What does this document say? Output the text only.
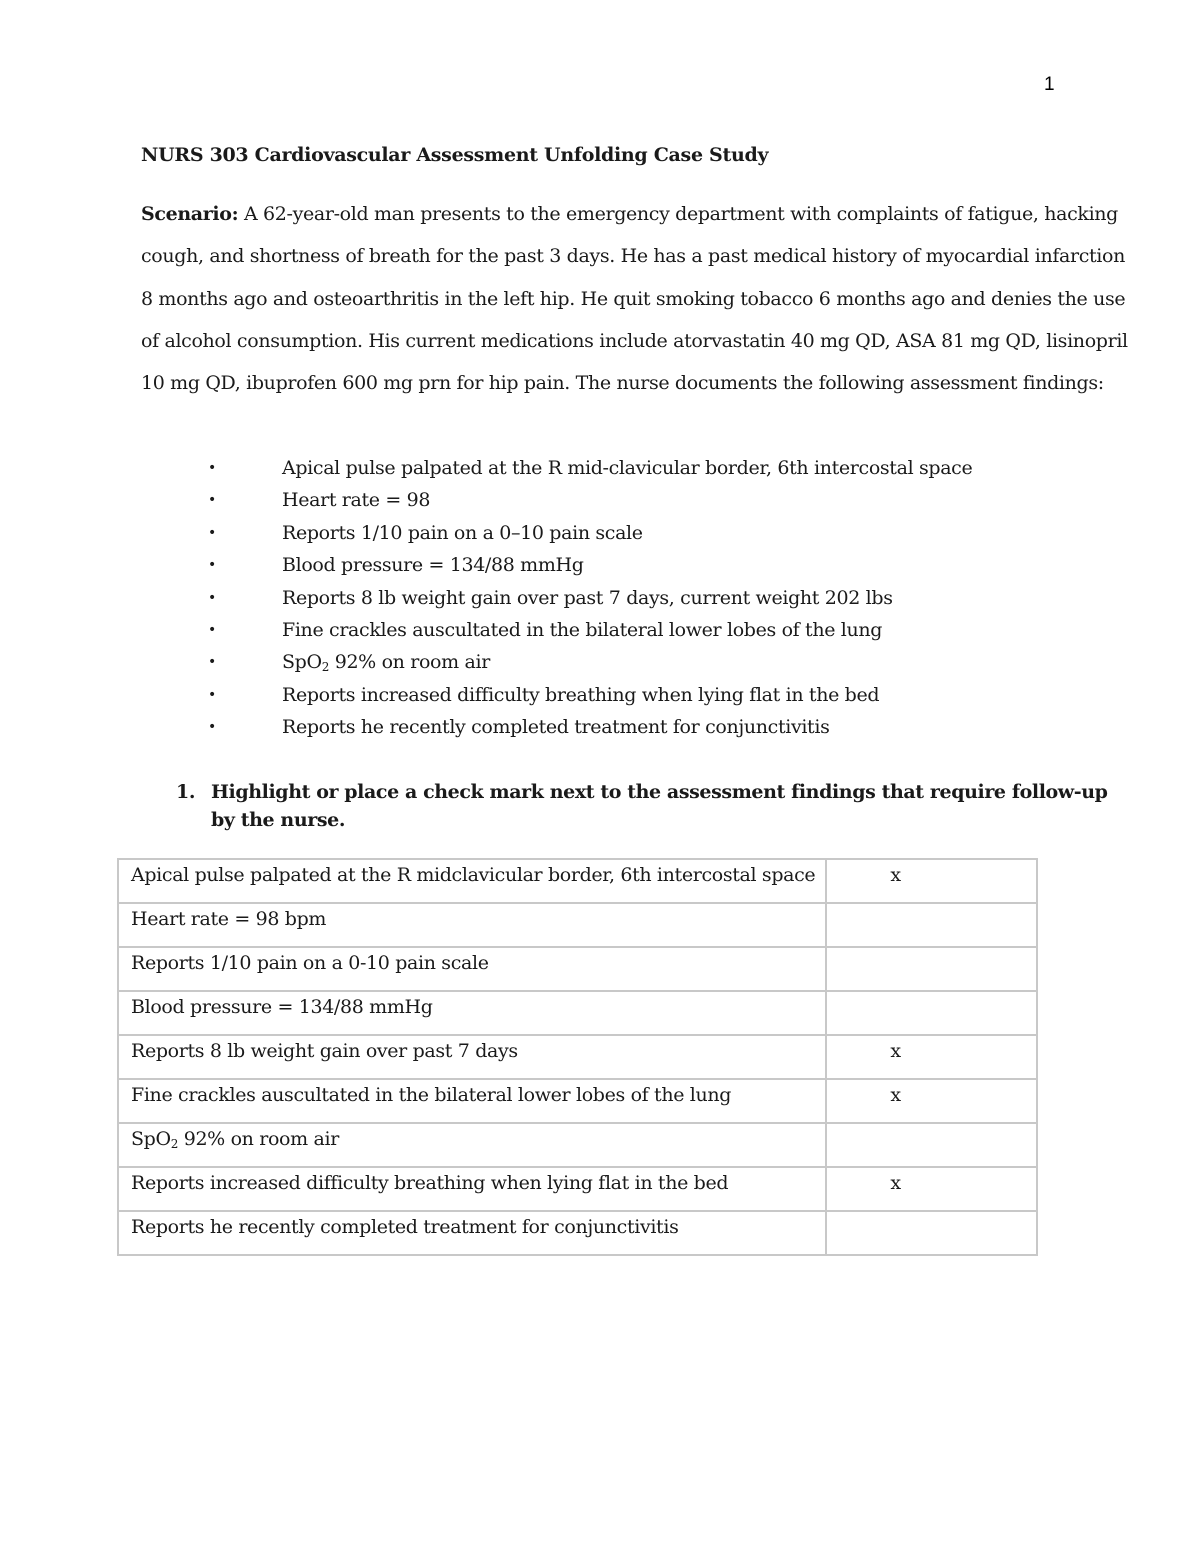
1
NURS 303 Cardiovascular Assessment Unfolding Case Study

Scenario: A 62-year-old man presents to the emergency department with complaints of fatigue, hacking cough, and shortness of breath for the past 3 days. He has a past medical history of myocardial infarction 8 months ago and osteoarthritis in the left hip. He quit smoking tobacco 6 months ago and denies the use of alcohol consumption. His current medications include atorvastatin 40 mg QD, ASA 81 mg QD, lisinopril 10 mg QD, ibuprofen 600 mg prn for hip pain. The nurse documents the following assessment findings:

•	Apical pulse palpated at the R mid-clavicular border, 6th intercostal space
•	Heart rate = 98
•	Reports 1/10 pain on a 0–10 pain scale
•	Blood pressure = 134/88 mmHg
•	Reports 8 lb weight gain over past 7 days, current weight 202 lbs
•	Fine crackles auscultated in the bilateral lower lobes of the lung
•	SpO$_2$ 92% on room air
•	Reports increased difficulty breathing when lying flat in the bed
•	Reports he recently completed treatment for conjunctivitis
1. Highlight or place a check mark next to the assessment findings that require follow-up by the nurse.
Apical pulse palpated at the R midclavicular border, 6th intercostal space	x
Heart rate = 98 bpm	
Reports 1/10 pain on a 0-10 pain scale	
Blood pressure = 134/88 mmHg	
Reports 8 lb weight gain over past 7 days	x
Fine crackles auscultated in the bilateral lower lobes of the lung	x
SpO$_2$ 92% on room air	
Reports increased difficulty breathing when lying flat in the bed	x
Reports he recently completed treatment for conjunctivitis	
